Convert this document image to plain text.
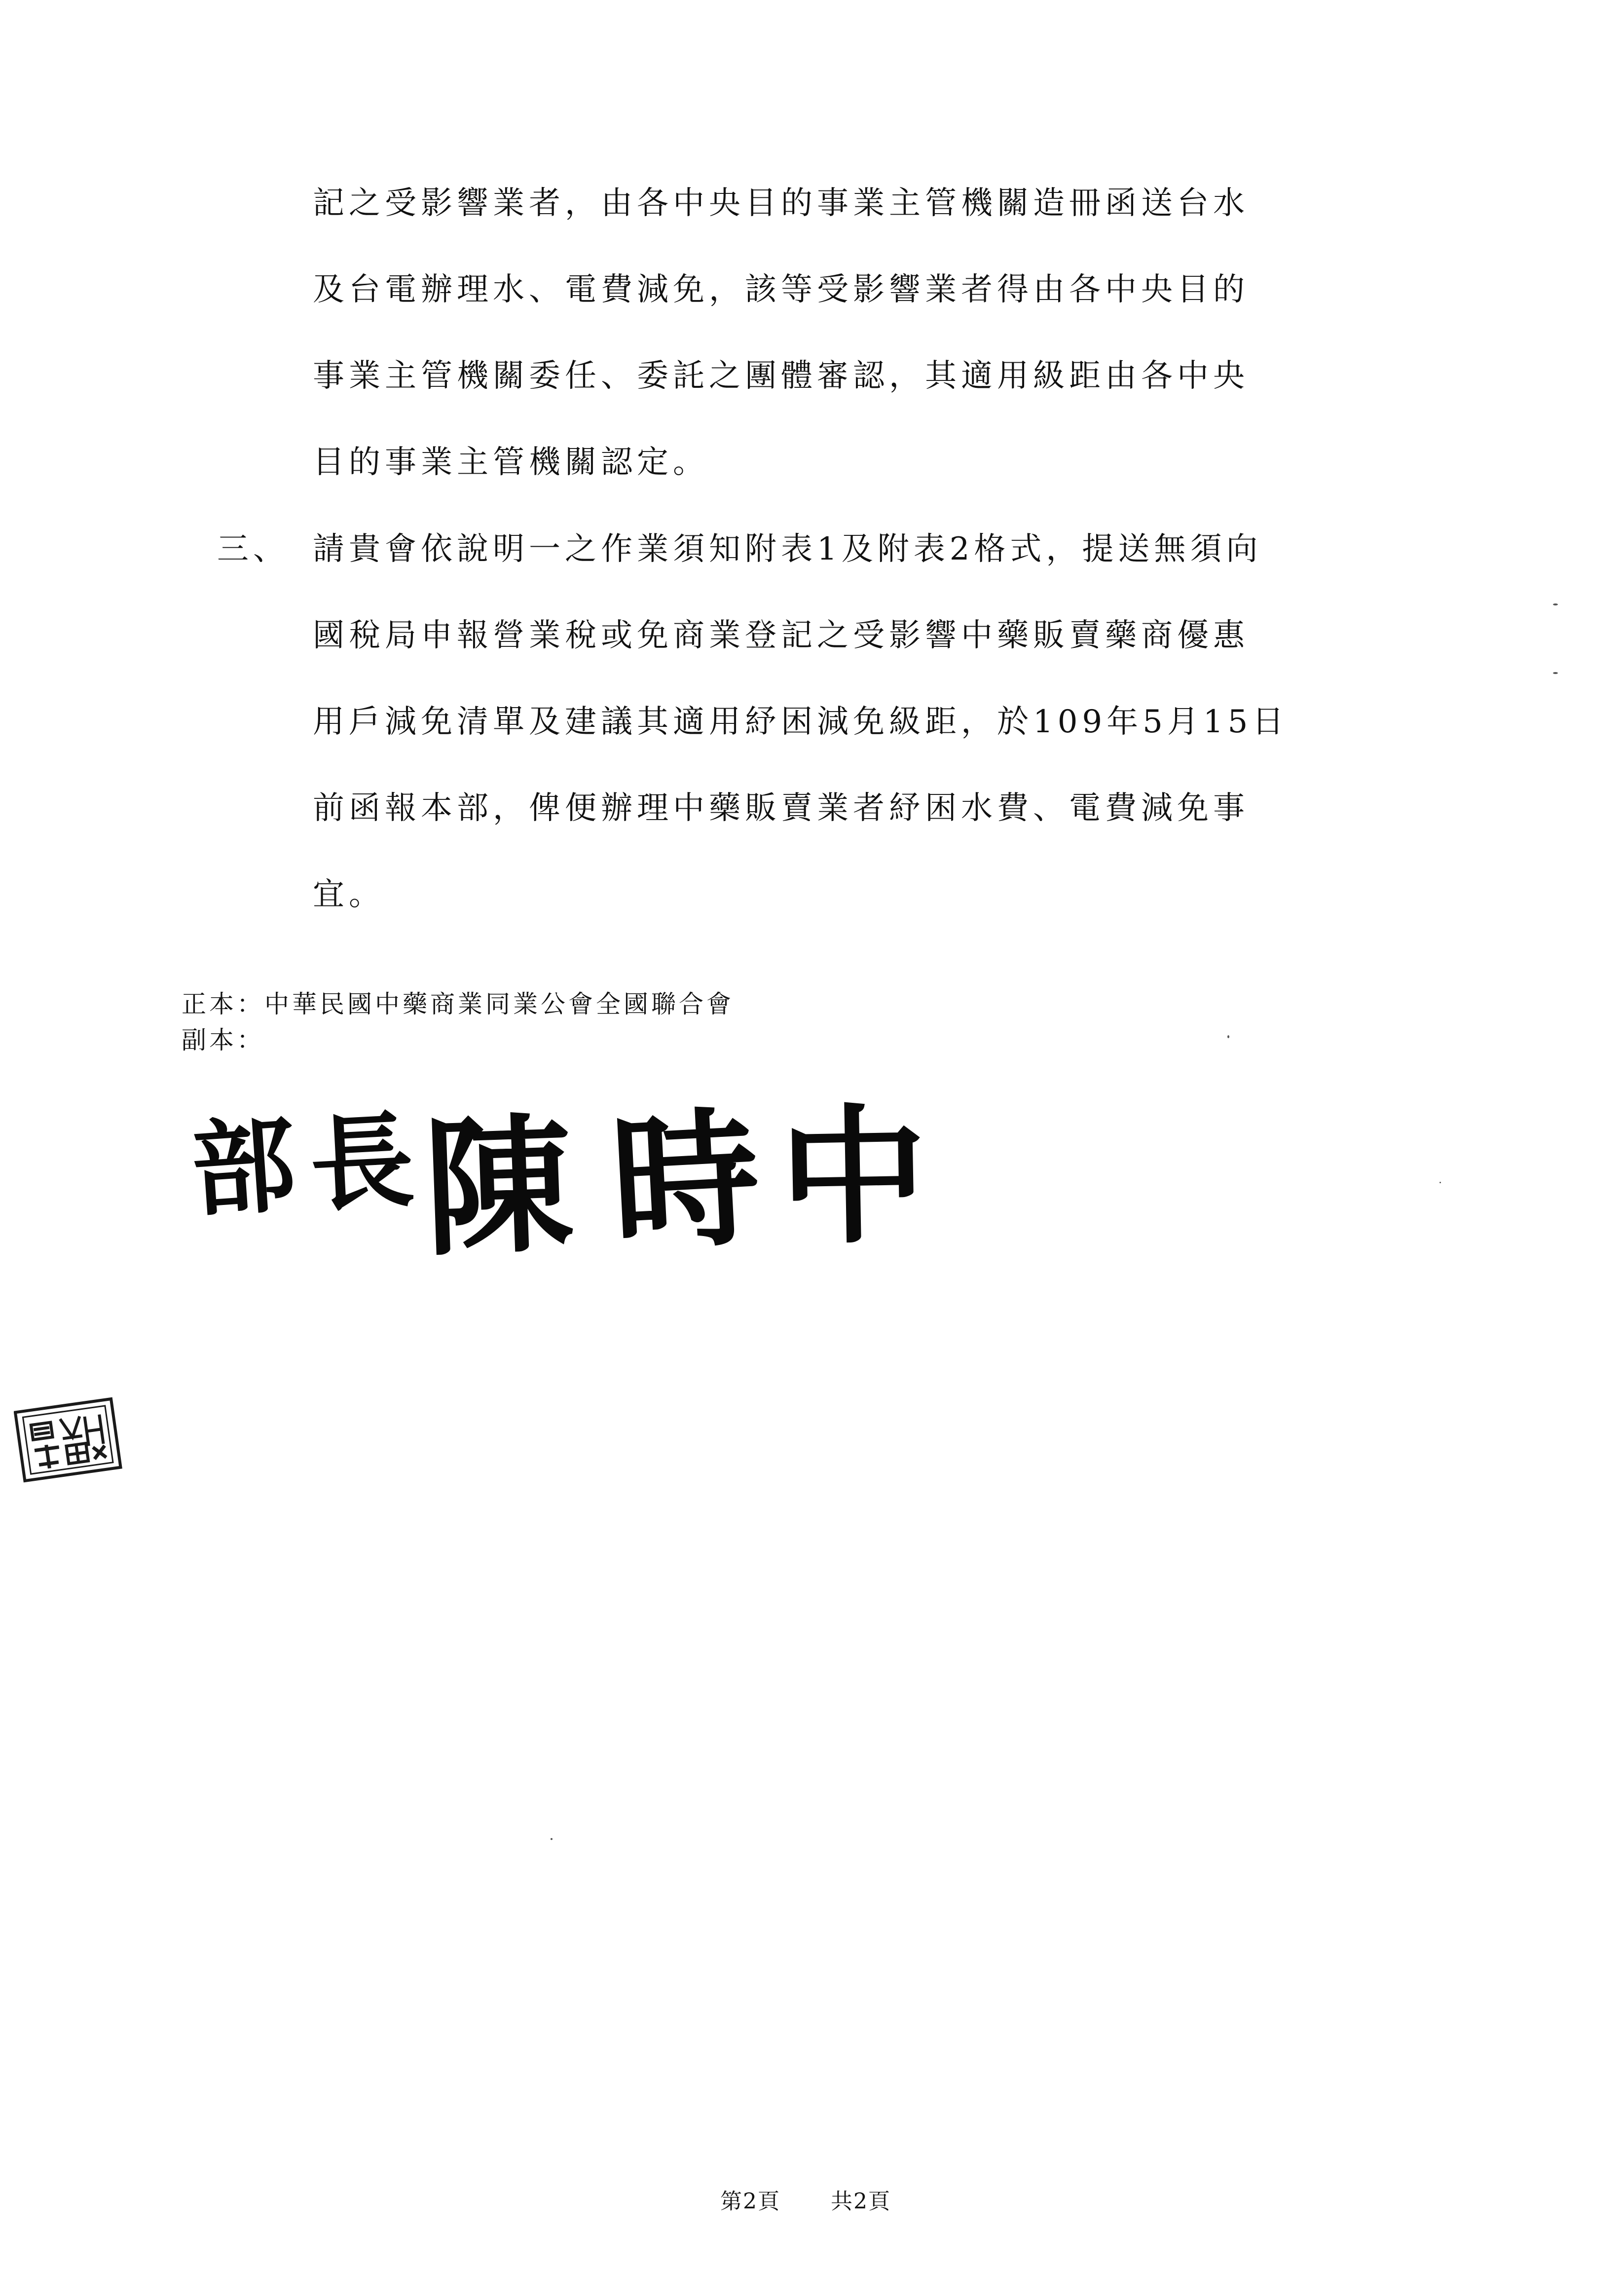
記之受影響業者，由各中央目的事業主管機關造冊函送台水
及台電辦理水、電費減免，該等受影響業者得由各中央目的
事業主管機關委任、委託之團體審認，其適用級距由各中央
目的事業主管機關認定。
三、 請貴會依說明一之作業須知附表1及附表2格式，提送無須向
國稅局申報營業稅或免商業登記之受影響中藥販賣藥商優惠
用戶減免清單及建議其適用紓困減免級距，於109年5月15日
前函報本部，俾便辦理中藥販賣業者紓困水費、電費減免事
宜。
正本：中華民國中藥商業同業公會全國聯合會
副本：
部 長 陳 時 中
第2頁 共2頁
